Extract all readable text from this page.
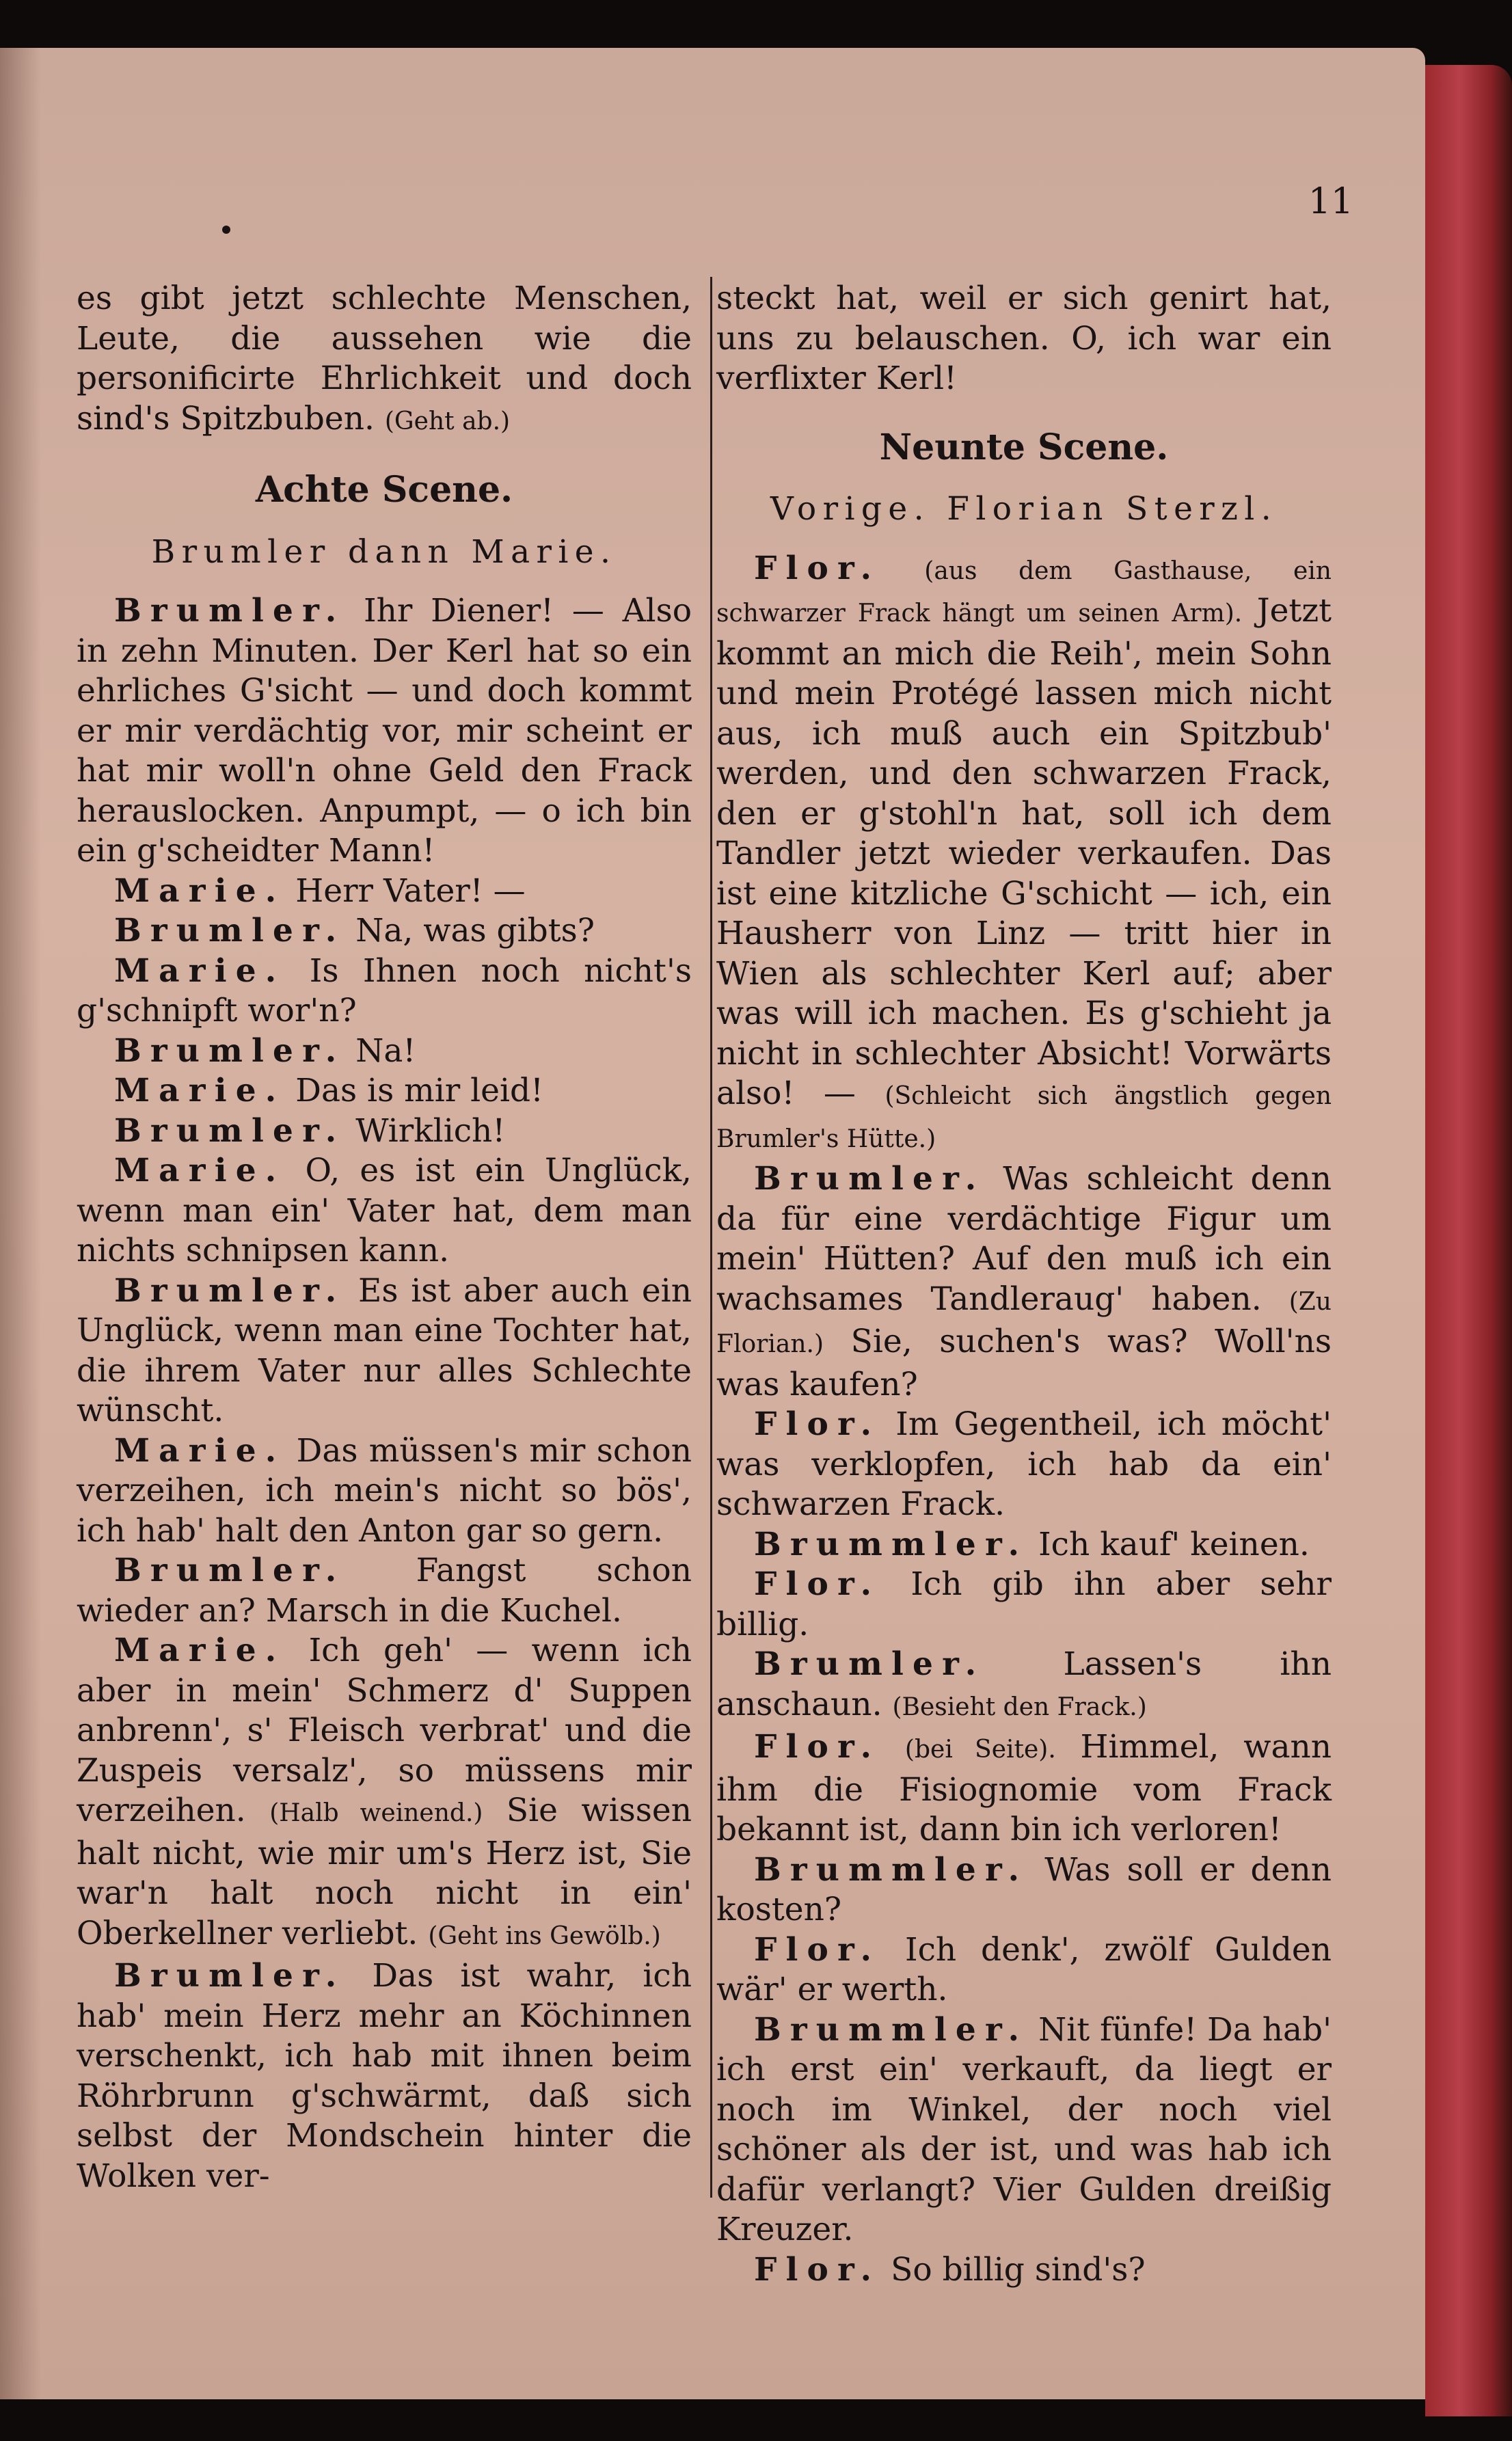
11

es gibt jetzt schlechte Menschen, Leute, die aussehen wie die personificirte Ehrlichkeit und doch sind's Spitzbuben. (Geht ab.)

Achte Scene.
Brumler dann Marie.

Brumler. Ihr Diener! — Also in zehn Minuten. Der Kerl hat so ein ehrliches G'sicht — und doch kommt er mir verdächtig vor, mir scheint er hat mir woll'n ohne Geld den Frack herauslocken. Anpumpt, — o ich bin ein g'scheidter Mann!

Marie. Herr Vater! —

Brumler. Na, was gibts?

Marie. Is Ihnen noch nicht's g'schnipft wor'n?

Brumler. Na!

Marie. Das is mir leid!

Brumler. Wirklich!

Marie. O, es ist ein Unglück, wenn man ein' Vater hat, dem man nichts schnipsen kann.

Brumler. Es ist aber auch ein Unglück, wenn man eine Tochter hat, die ihrem Vater nur alles Schlechte wünscht.

Marie. Das müssen's mir schon verzeihen, ich mein's nicht so bös', ich hab' halt den Anton gar so gern.

Brumler. Fangst schon wieder an? Marsch in die Kuchel.

Marie. Ich geh' — wenn ich aber in mein' Schmerz d' Suppen anbrenn', s' Fleisch verbrat' und die Zuspeis versalz', so müssens mir verzeihen. (Halb weinend.) Sie wissen halt nicht, wie mir um's Herz ist, Sie war'n halt noch nicht in ein' Oberkellner verliebt. (Geht ins Gewölb.)

Brumler. Das ist wahr, ich hab' mein Herz mehr an Köchinnen verschenkt, ich hab mit ihnen beim Röhrbrunn g'schwärmt, daß sich selbst der Mondschein hinter die Wolken ver-

steckt hat, weil er sich genirt hat, uns zu belauschen. O, ich war ein verflixter Kerl!

Neunte Scene.
Vorige. Florian Sterzl.

Flor. (aus dem Gasthause, ein schwarzer Frack hängt um seinen Arm). Jetzt kommt an mich die Reih', mein Sohn und mein Protégé lassen mich nicht aus, ich muß auch ein Spitzbub' werden, und den schwarzen Frack, den er g'stohl'n hat, soll ich dem Tandler jetzt wieder verkaufen. Das ist eine kitzliche G'schicht — ich, ein Hausherr von Linz — tritt hier in Wien als schlechter Kerl auf; aber was will ich machen. Es g'schieht ja nicht in schlechter Absicht! Vorwärts also! — (Schleicht sich ängstlich gegen Brumler's Hütte.)

Brumler. Was schleicht denn da für eine verdächtige Figur um mein' Hütten? Auf den muß ich ein wachsames Tandleraug' haben. (Zu Florian.) Sie, suchen's was? Woll'ns was kaufen?

Flor. Im Gegentheil, ich möcht' was verklopfen, ich hab da ein' schwarzen Frack.

Brummler. Ich kauf' keinen.

Flor. Ich gib ihn aber sehr billig.

Brumler. Lassen's ihn anschaun. (Besieht den Frack.)

Flor. (bei Seite). Himmel, wann ihm die Fisiognomie vom Frack bekannt ist, dann bin ich verloren!

Brummler. Was soll er denn kosten?

Flor. Ich denk', zwölf Gulden wär' er werth.

Brummler. Nit fünfe! Da hab' ich erst ein' verkauft, da liegt er noch im Winkel, der noch viel schöner als der ist, und was hab ich dafür verlangt? Vier Gulden dreißig Kreuzer.

Flor. So billig sind's?
